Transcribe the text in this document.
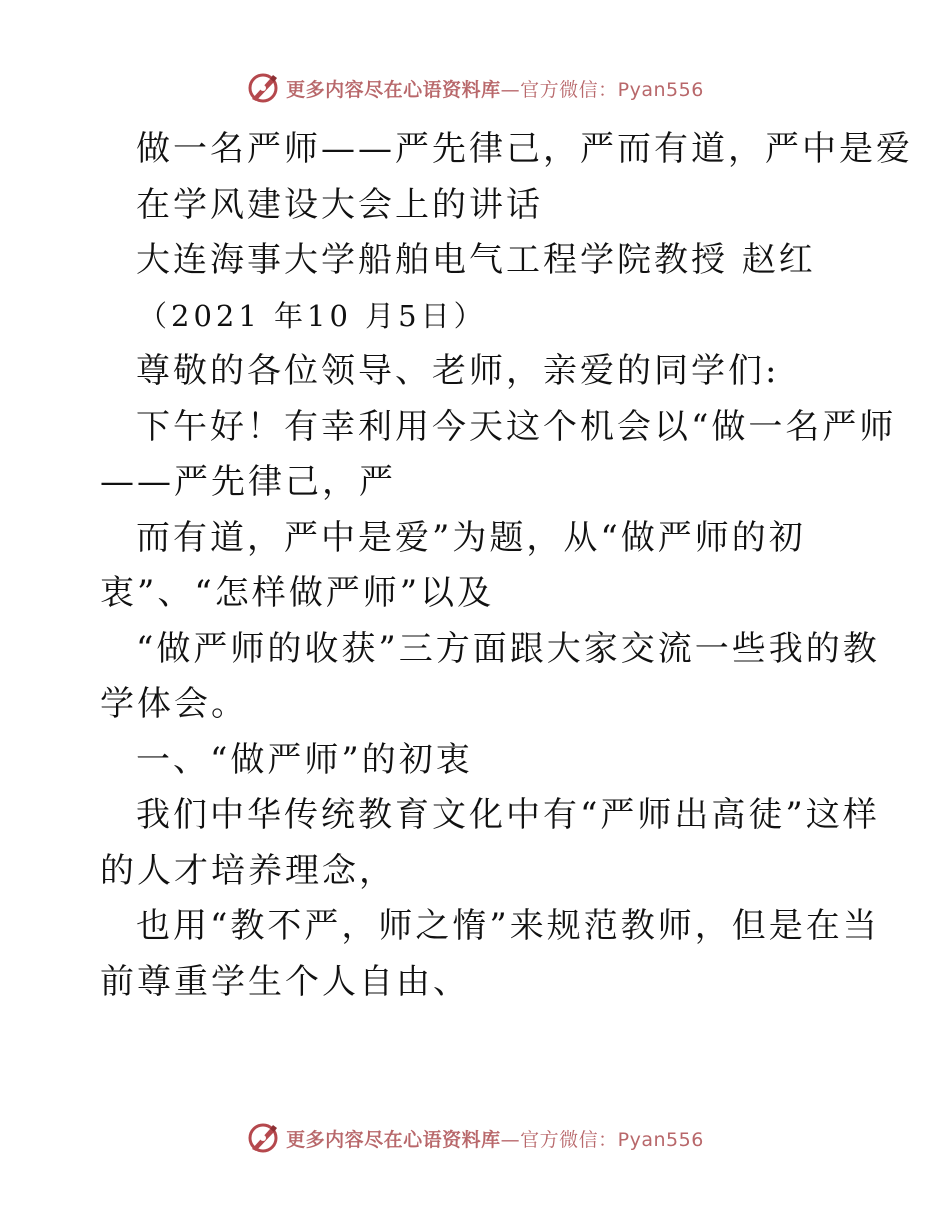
更多内容尽在心语资料库—官方微信：Pyan556
做一名严师——严先律己，严而有道，严中是爱
在学风建设大会上的讲话
大连海事大学船舶电气工程学院教授 赵红
（2021 年10 月5日）
尊敬的各位领导、老师，亲爱的同学们:
下午好！有幸利用今天这个机会以“做一名严师
——严先律己，严
而有道，严中是爱”为题，从“做严师的初
衷”、“怎样做严师”以及
“做严师的收获”三方面跟大家交流一些我的教
学体会。
一、“做严师”的初衷
我们中华传统教育文化中有“严师出高徒”这样
的人才培养理念，
也用“教不严，师之惰”来规范教师，但是在当
前尊重学生个人自由、
更多内容尽在心语资料库—官方微信：Pyan556
